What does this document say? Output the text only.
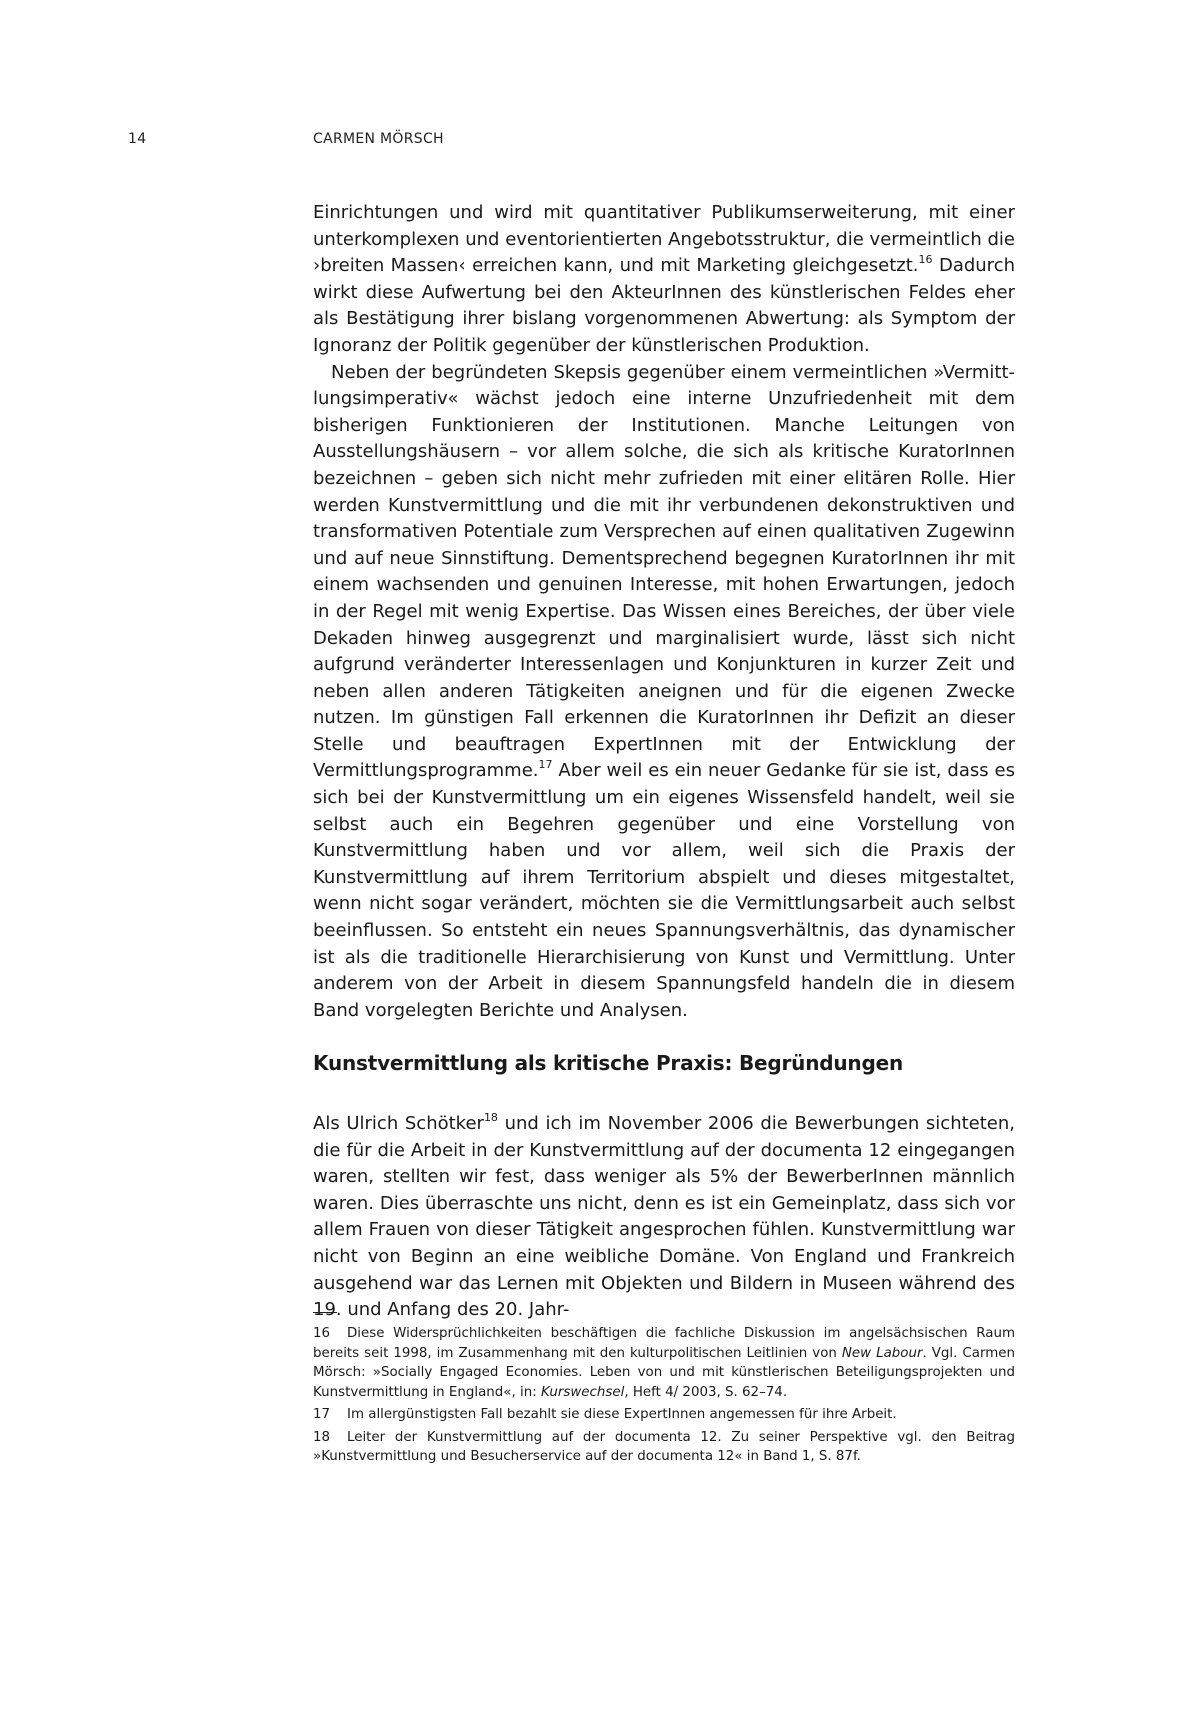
14	CARMEN MÖRSCH

Einrichtungen und wird mit quantitativer Publikumserweiterung, mit einer unterkomplexen und eventorientierten Angebotsstruktur, die vermeintlich die ›breiten Massen‹ erreichen kann, und mit Marketing gleichgesetzt.$^{16}$ Dadurch wirkt diese Aufwertung bei den AkteurInnen des künstlerischen Feldes eher als Bestätigung ihrer bislang vorgenommenen Abwertung: als Symptom der Ignoranz der Politik gegenüber der künstlerischen Produktion.

Neben der begründeten Skepsis gegenüber einem vermeintlichen »Vermittlungsimperativ« wächst jedoch eine interne Unzufriedenheit mit dem bisherigen Funktionieren der Institutionen. Manche Leitungen von Ausstellungshäusern – vor allem solche, die sich als kritische KuratorInnen bezeichnen – geben sich nicht mehr zufrieden mit einer elitären Rolle. Hier werden Kunstvermittlung und die mit ihr verbundenen dekonstruktiven und transformativen Potentiale zum Versprechen auf einen qualitativen Zugewinn und auf neue Sinnstiftung. Dementsprechend begegnen KuratorInnen ihr mit einem wachsenden und genuinen Interesse, mit hohen Erwartungen, jedoch in der Regel mit wenig Expertise. Das Wissen eines Bereiches, der über viele Dekaden hinweg ausgegrenzt und marginalisiert wurde, lässt sich nicht aufgrund veränderter Interessenlagen und Konjunkturen in kurzer Zeit und neben allen anderen Tätigkeiten aneignen und für die eigenen Zwecke nutzen. Im günstigen Fall erkennen die KuratorInnen ihr Defizit an dieser Stelle und beauftragen ExpertInnen mit der Entwicklung der Vermittlungsprogramme.$^{17}$ Aber weil es ein neuer Gedanke für sie ist, dass es sich bei der Kunstvermittlung um ein eigenes Wissensfeld handelt, weil sie selbst auch ein Begehren gegenüber und eine Vorstellung von Kunstvermittlung haben und vor allem, weil sich die Praxis der Kunstvermittlung auf ihrem Territorium abspielt und dieses mitgestaltet, wenn nicht sogar verändert, möchten sie die Vermittlungsarbeit auch selbst beeinflussen. So entsteht ein neues Spannungsverhältnis, das dynamischer ist als die traditionelle Hierarchisierung von Kunst und Vermittlung. Unter anderem von der Arbeit in diesem Spannungsfeld handeln die in diesem Band vorgelegten Berichte und Analysen.

Kunstvermittlung als kritische Praxis: Begründungen

Als Ulrich Schötker$^{18}$ und ich im November 2006 die Bewerbungen sichteten, die für die Arbeit in der Kunstvermittlung auf der documenta 12 eingegangen waren, stellten wir fest, dass weniger als 5% der BewerberInnen männlich waren. Dies überraschte uns nicht, denn es ist ein Gemeinplatz, dass sich vor allem Frauen von dieser Tätigkeit angesprochen fühlen. Kunstvermittlung war nicht von Beginn an eine weibliche Domäne. Von England und Frankreich ausgehend war das Lernen mit Objekten und Bildern in Museen während des 19. und Anfang des 20. Jahr-

16 Diese Widersprüchlichkeiten beschäftigen die fachliche Diskussion im angelsächsischen Raum bereits seit 1998, im Zusammenhang mit den kulturpolitischen Leitlinien von New Labour. Vgl. Carmen Mörsch: »Socially Engaged Economies. Leben von und mit künstlerischen Beteiligungsprojekten und Kunstvermittlung in England«, in: Kurswechsel, Heft 4/ 2003, S. 62–74.

17 Im allergünstigsten Fall bezahlt sie diese ExpertInnen angemessen für ihre Arbeit.

18 Leiter der Kunstvermittlung auf der documenta 12. Zu seiner Perspektive vgl. den Beitrag »Kunstvermittlung und Besucherservice auf der documenta 12« in Band 1, S. 87f.
